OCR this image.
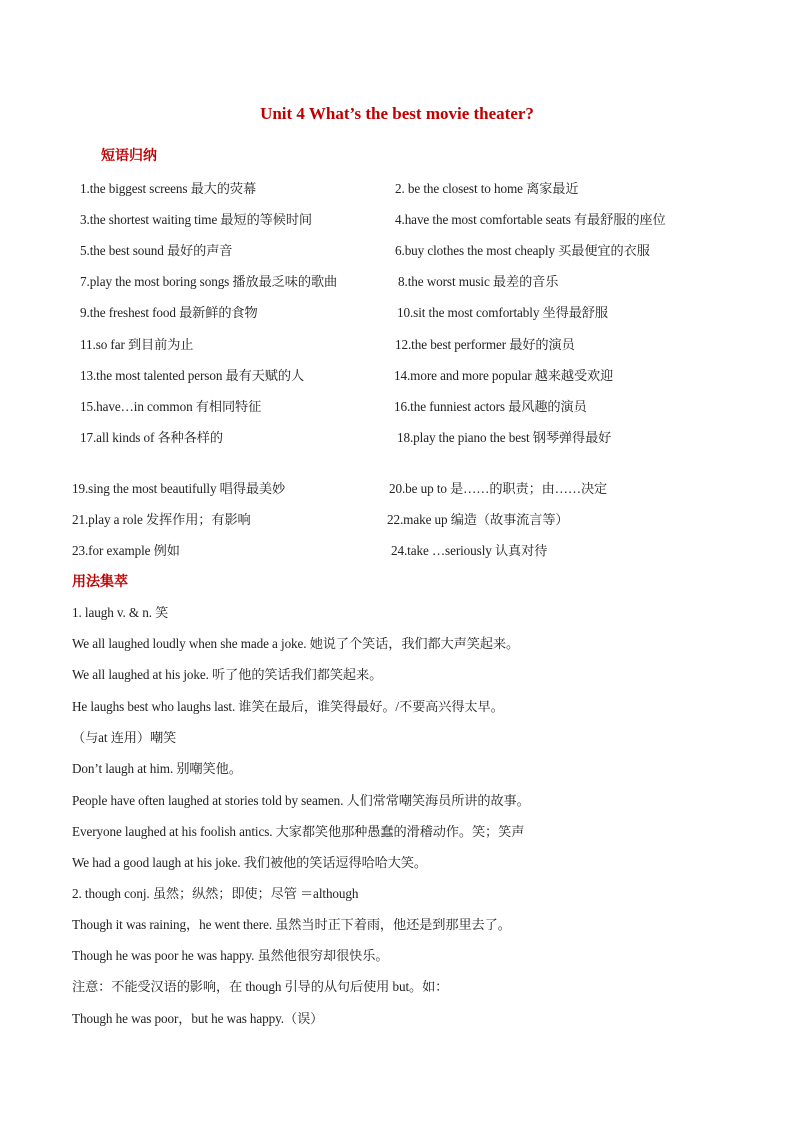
Unit 4 What’s the best movie theater?
短语归纳
1.the biggest screens 最大的荧幕	2. be the closest to home 离家最近
3.the shortest waiting time 最短的等候时间	4.have the most comfortable seats 有最舒服的座位
5.the best sound 最好的声音	6.buy clothes the most cheaply 买最便宜的衣服
7.play the most boring songs 播放最乏味的歌曲	8.the worst music 最差的音乐
9.the freshest food 最新鲜的食物	10.sit the most comfortably 坐得最舒服
11.so far 到目前为止	12.the best performer 最好的演员
13.the most talented person 最有天赋的人	14.more and more popular 越来越受欢迎
15.have…in common 有相同特征	16.the funniest actors 最风趣的演员
17.all kinds of 各种各样的	18.play the piano the best 钢琴弹得最好
19.sing the most beautifully 唱得最美妙	20.be up to 是……的职责；由……决定
21.play a role 发挥作用；有影响	22.make up 编造（故事流言等）
23.for example 例如	24.take …seriously 认真对待
用法集萃
1. laugh v. & n. 笑
We all laughed loudly when she made a joke. 她说了个笑话，我们都大声笑起来。
We all laughed at his joke. 听了他的笑话我们都笑起来。
He laughs best who laughs last. 谁笑在最后，谁笑得最好。/不要高兴得太早。
（与at 连用）嘲笑
Don’t laugh at him. 别嘲笑他。
People have often laughed at stories told by seamen. 人们常常嘲笑海员所讲的故事。
Everyone laughed at his foolish antics. 大家都笑他那种愚蠢的滑稽动作。笑；笑声
We had a good laugh at his joke. 我们被他的笑话逗得哈哈大笑。
2. though conj. 虽然；纵然；即使；尽管 ＝although
Though it was raining，he went there. 虽然当时正下着雨，他还是到那里去了。
Though he was poor he was happy. 虽然他很穷却很快乐。
注意：不能受汉语的影响，在 though 引导的从句后使用 but。如：
Though he was poor，but he was happy.（误）
